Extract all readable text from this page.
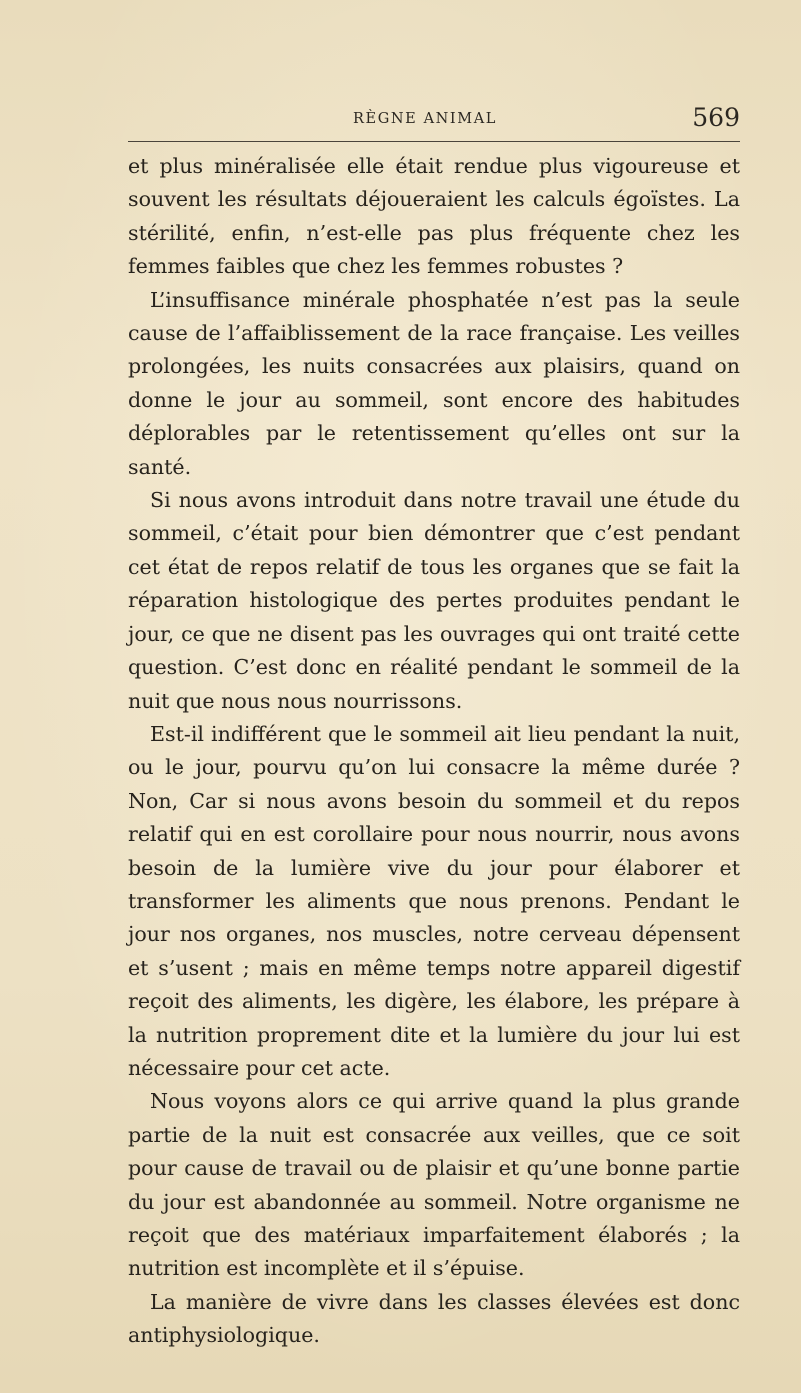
RÈGNE ANIMAL	569

et plus minéralisée elle était rendue plus vigoureuse et souvent les résultats déjoueraient les calculs égoïstes. La stérilité, enfin, n’est-elle pas plus fréquente chez les femmes faibles que chez les femmes robustes ?

L’insuffisance minérale phosphatée n’est pas la seule cause de l’affaiblissement de la race française. Les veilles prolongées, les nuits consacrées aux plaisirs, quand on donne le jour au sommeil, sont encore des habitudes déplorables par le retentissement qu’elles ont sur la santé.

Si nous avons introduit dans notre travail une étude du sommeil, c’était pour bien démontrer que c’est pendant cet état de repos relatif de tous les organes que se fait la réparation histologique des pertes produites pendant le jour, ce que ne disent pas les ouvrages qui ont traité cette question. C’est donc en réalité pendant le sommeil de la nuit que nous nous nourrissons.

Est-il indifférent que le sommeil ait lieu pendant la nuit, ou le jour, pourvu qu’on lui consacre la même durée ? Non, Car si nous avons besoin du sommeil et du repos relatif qui en est corollaire pour nous nourrir, nous avons besoin de la lumière vive du jour pour élaborer et transformer les aliments que nous prenons. Pendant le jour nos organes, nos muscles, notre cerveau dépensent et s’usent ; mais en même temps notre appareil digestif reçoit des aliments, les digère, les élabore, les prépare à la nutrition proprement dite et la lumière du jour lui est nécessaire pour cet acte.

Nous voyons alors ce qui arrive quand la plus grande partie de la nuit est consacrée aux veilles, que ce soit pour cause de travail ou de plaisir et qu’une bonne partie du jour est abandonnée au sommeil. Notre organisme ne reçoit que des matériaux imparfaitement élaborés ; la nutrition est incomplète et il s’épuise.

La manière de vivre dans les classes élevées est donc antiphysiologique.
